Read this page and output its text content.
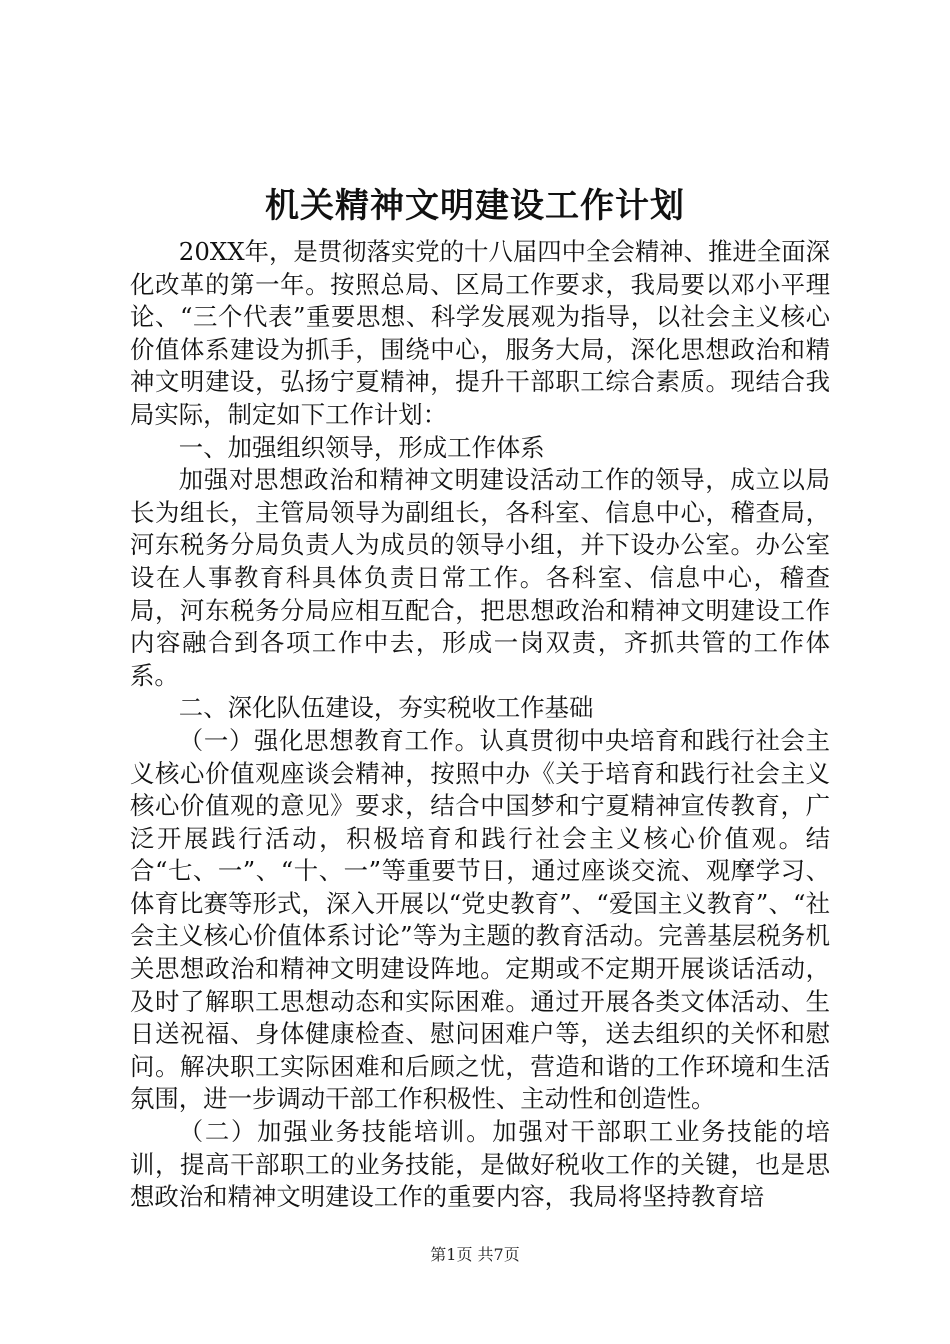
机关精神文明建设工作计划

20XX年，是贯彻落实党的十八届四中全会精神、推进全面深化改革的第一年。按照总局、区局工作要求，我局要以邓小平理论、“三个代表”重要思想、科学发展观为指导，以社会主义核心价值体系建设为抓手，围绕中心，服务大局，深化思想政治和精神文明建设，弘扬宁夏精神，提升干部职工综合素质。现结合我局实际，制定如下工作计划：

一、加强组织领导，形成工作体系

加强对思想政治和精神文明建设活动工作的领导，成立以局长为组长，主管局领导为副组长，各科室、信息中心，稽查局，河东税务分局负责人为成员的领导小组，并下设办公室。办公室设在人事教育科具体负责日常工作。各科室、信息中心，稽查局，河东税务分局应相互配合，把思想政治和精神文明建设工作内容融合到各项工作中去，形成一岗双责，齐抓共管的工作体系。

二、深化队伍建设，夯实税收工作基础

（一）强化思想教育工作。认真贯彻中央培育和践行社会主义核心价值观座谈会精神，按照中办《关于培育和践行社会主义核心价值观的意见》要求，结合中国梦和宁夏精神宣传教育，广泛开展践行活动，积极培育和践行社会主义核心价值观。结合“七、一”、“十、一”等重要节日，通过座谈交流、观摩学习、体育比赛等形式，深入开展以“党史教育”、“爱国主义教育”、“社会主义核心价值体系讨论”等为主题的教育活动。完善基层税务机关思想政治和精神文明建设阵地。定期或不定期开展谈话活动，及时了解职工思想动态和实际困难。通过开展各类文体活动、生日送祝福、身体健康检查、慰问困难户等，送去组织的关怀和慰问。解决职工实际困难和后顾之忧，营造和谐的工作环境和生活氛围，进一步调动干部工作积极性、主动性和创造性。

（二）加强业务技能培训。加强对干部职工业务技能的培训，提高干部职工的业务技能，是做好税收工作的关键，也是思想政治和精神文明建设工作的重要内容，我局将坚持教育培

第1页 共7页
